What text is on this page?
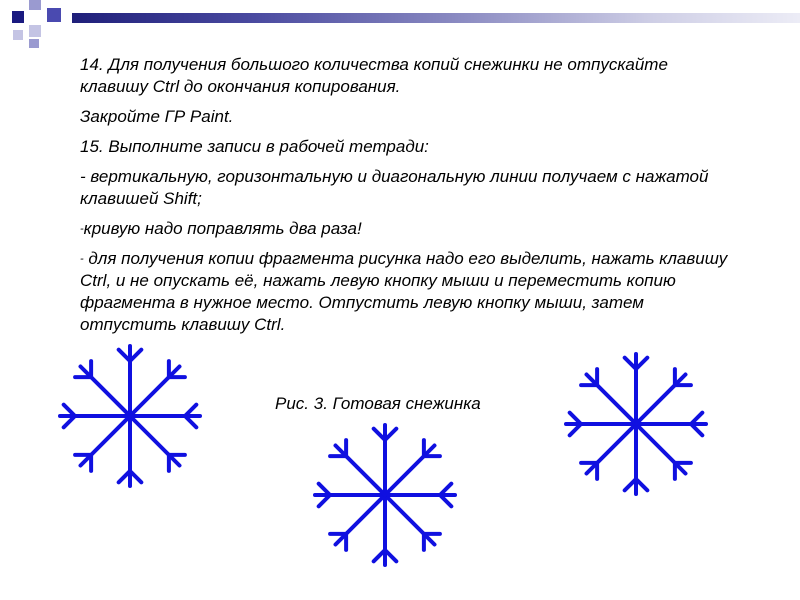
14. Для получения большого количества копий снежинки не отпускайте клавишу Ctrl до окончания копирования.

Закройте ГР Paint.

15. Выполните записи в рабочей тетради:

- вертикальную, горизонтальную и диагональную линии получаем с нажатой клавишей Shift;

-кривую надо поправлять два раза!

- для получения копии фрагмента рисунка надо его выделить, нажать клавишу Ctrl, и не опускать её, нажать левую кнопку мыши и переместить копию фрагмента в нужное место. Отпустить левую кнопку мыши, затем отпустить клавишу Ctrl.

Рис. 3. Готовая снежинка
